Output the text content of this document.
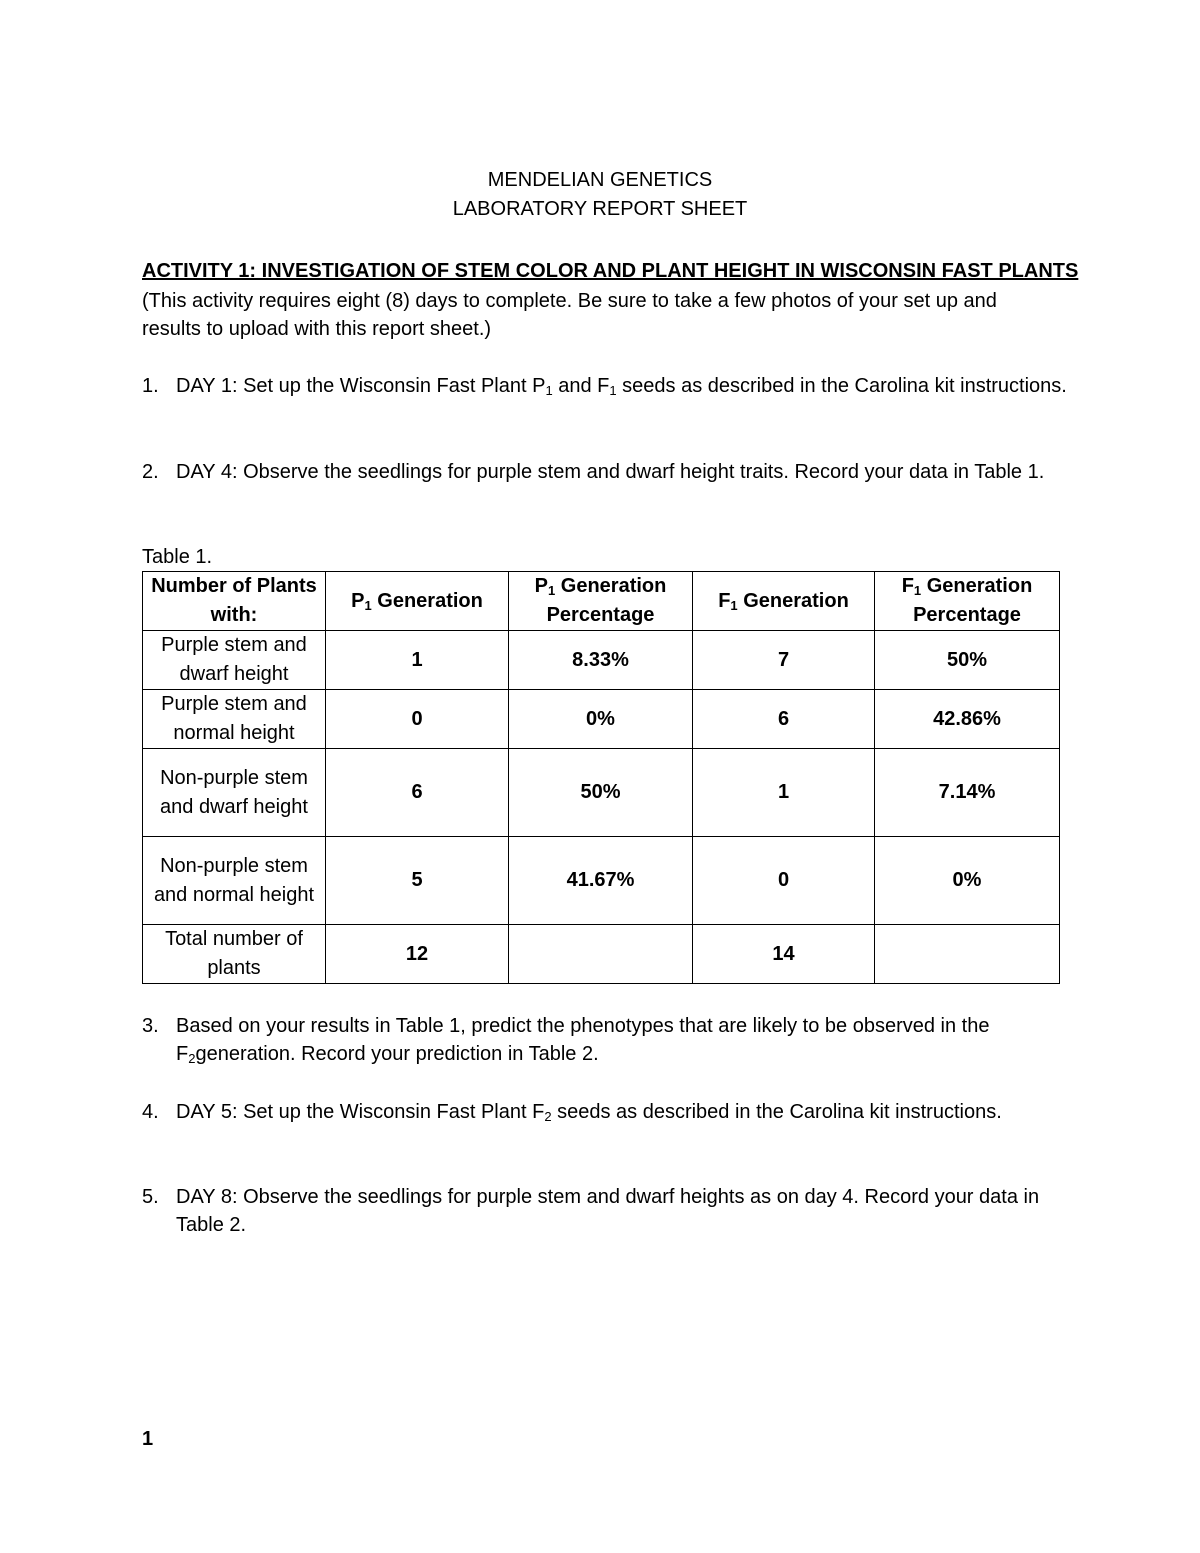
MENDELIAN GENETICS
LABORATORY REPORT SHEET
ACTIVITY 1: INVESTIGATION OF STEM COLOR AND PLANT HEIGHT IN WISCONSIN FAST PLANTS
(This activity requires eight (8) days to complete. Be sure to take a few photos of your set up and results to upload with this report sheet.)
1. DAY 1: Set up the Wisconsin Fast Plant $P_1$ and $F_1$ seeds as described in the Carolina kit instructions.
2. DAY 4: Observe the seedlings for purple stem and dwarf height traits. Record your data in Table 1.
Table 1.
Number of Plants with:	$P_1$ Generation	$P_1$ Generation Percentage	$F_1$ Generation	$F_1$ Generation Percentage
Purple stem and dwarf height	1	8.33%	7	50%
Purple stem and normal height	0	0%	6	42.86%
Non-purple stem and dwarf height	6	50%	1	7.14%
Non-purple stem and normal height	5	41.67%	0	0%
Total number of plants	12		14	
3. Based on your results in Table 1, predict the phenotypes that are likely to be observed in the $F_2generation$. Record your prediction in Table 2.
4. DAY 5: Set up the Wisconsin Fast Plant $F_2$ seeds as described in the Carolina kit instructions.
5. DAY 8: Observe the seedlings for purple stem and dwarf heights as on day 4. Record your data in Table 2.
1
